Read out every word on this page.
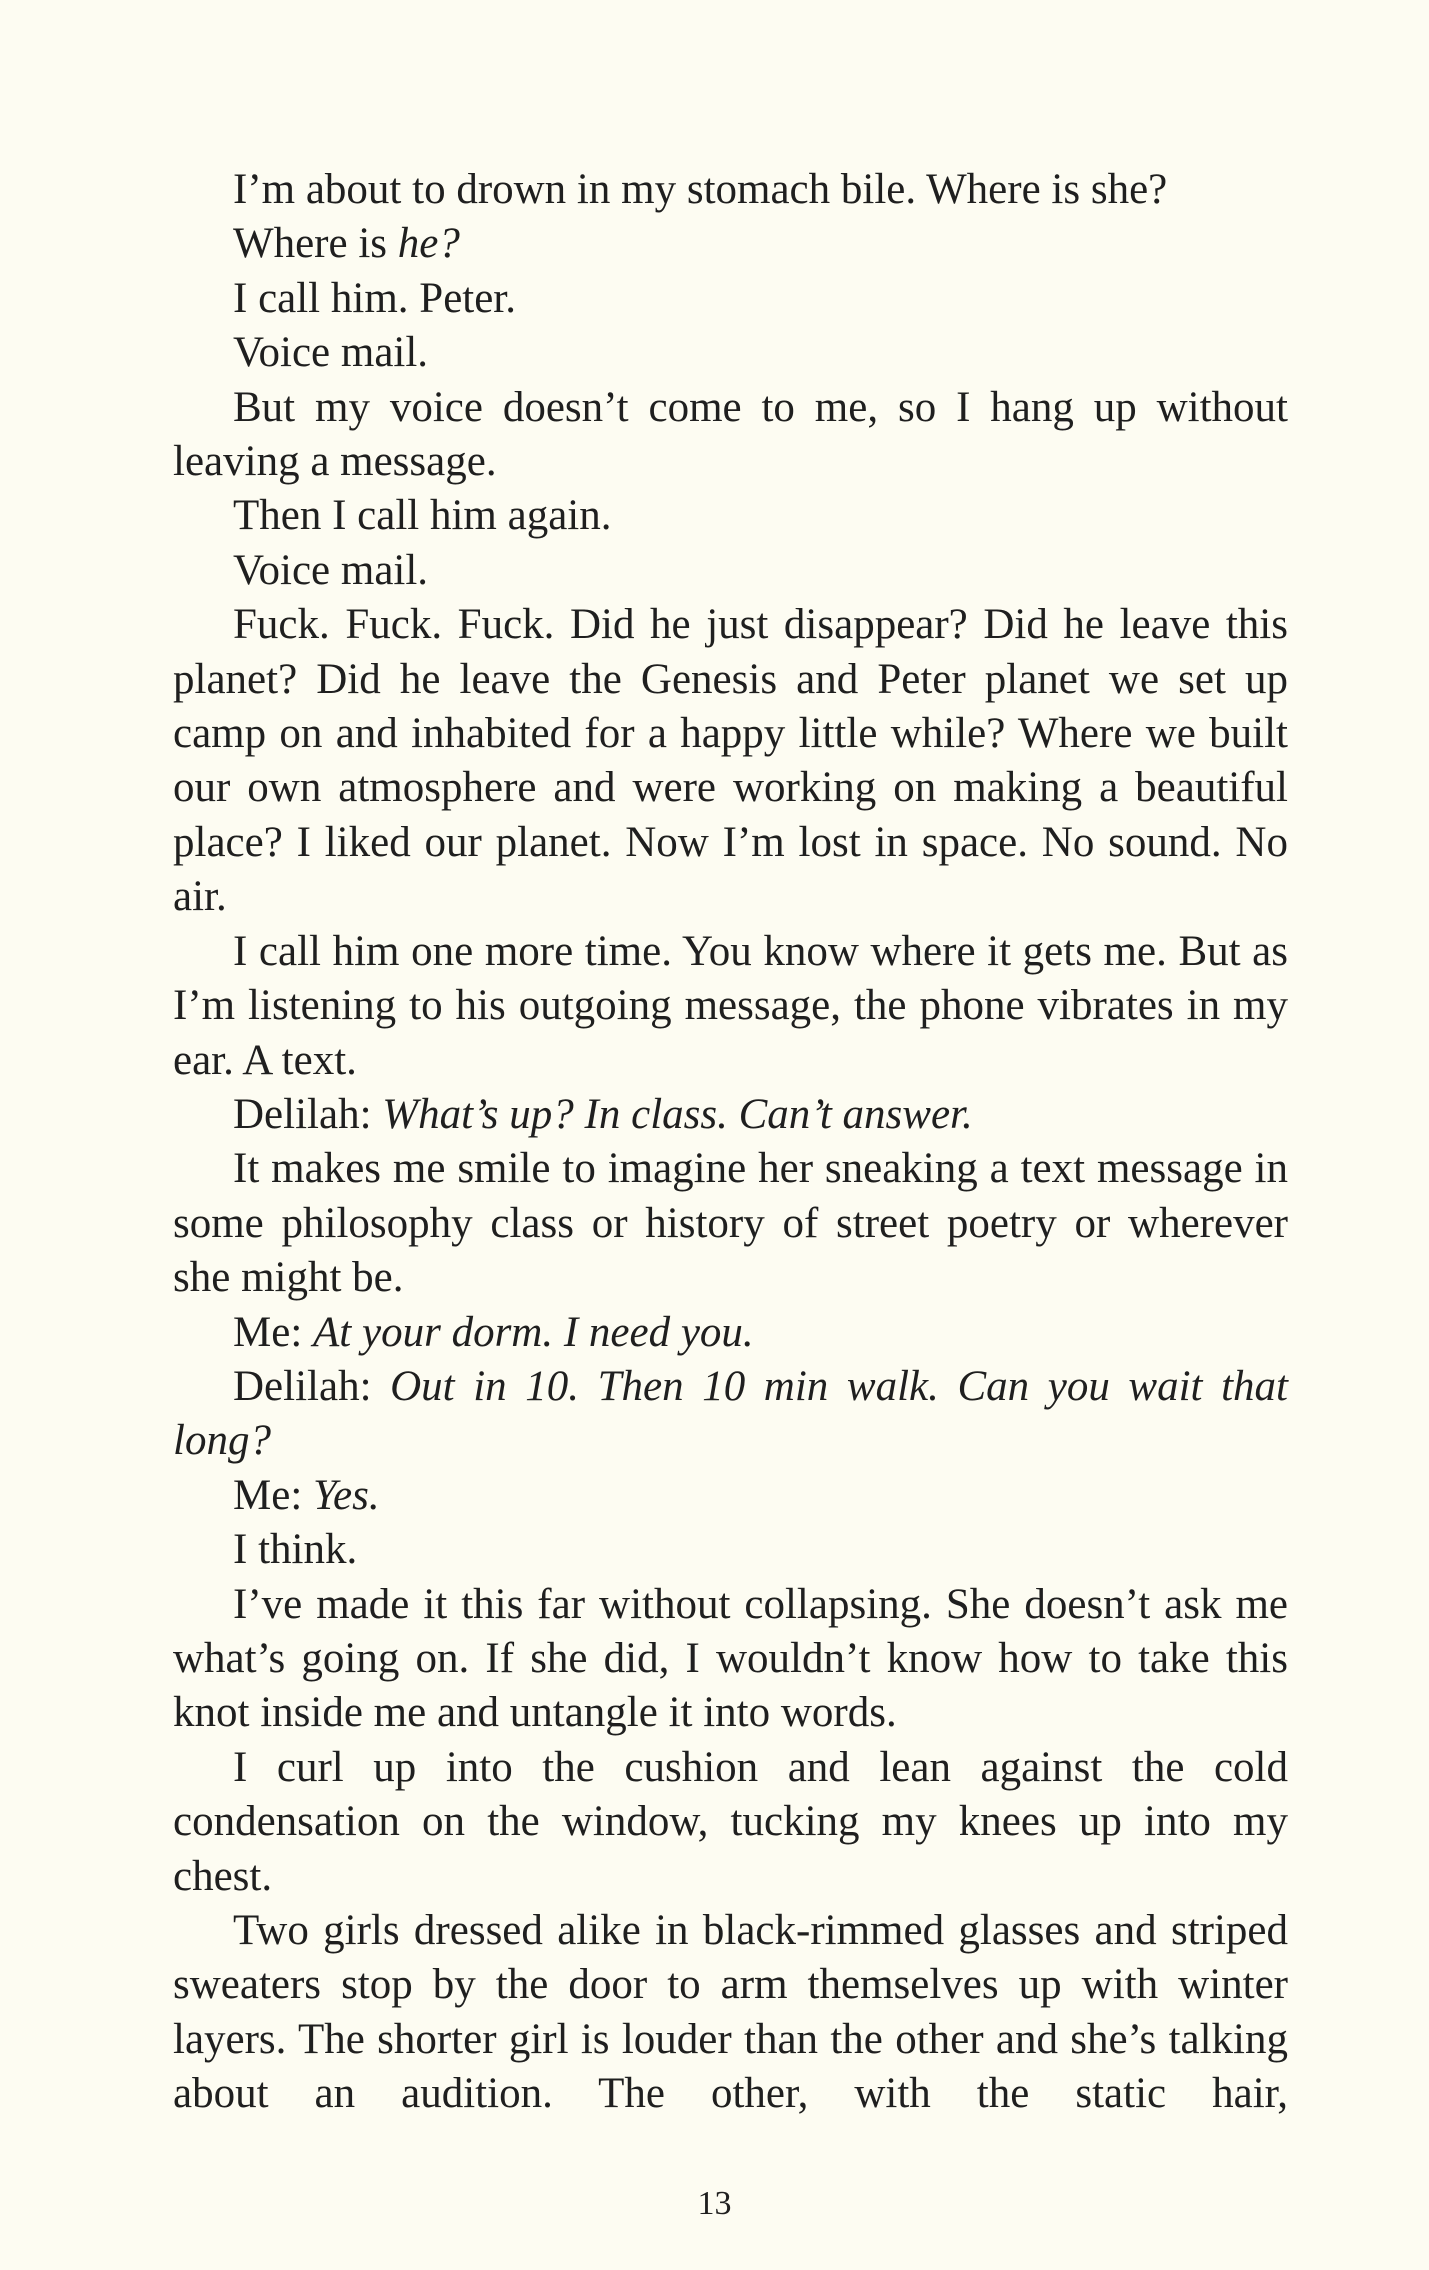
I’m about to drown in my stomach bile. Where is she?

Where is he?

I call him. Peter.

Voice mail.

But my voice doesn’t come to me, so I hang up without leaving a message.

Then I call him again.

Voice mail.

Fuck. Fuck. Fuck. Did he just disappear? Did he leave this planet? Did he leave the Genesis and Peter planet we set up camp on and inhabited for a happy little while? Where we built our own atmosphere and were working on making a beautiful place? I liked our planet. Now I’m lost in space. No sound. No air.

I call him one more time. You know where it gets me. But as I’m listening to his outgoing message, the phone vibrates in my ear. A text.

Delilah: What’s up? In class. Can’t answer.

It makes me smile to imagine her sneaking a text message in some philosophy class or history of street poetry or wherever she might be.

Me: At your dorm. I need you.

Delilah: Out in 10. Then 10 min walk. Can you wait that long?

Me: Yes.

I think.

I’ve made it this far without collapsing. She doesn’t ask me what’s going on. If she did, I wouldn’t know how to take this knot inside me and untangle it into words.

I curl up into the cushion and lean against the cold condensation on the window, tucking my knees up into my chest.

Two girls dressed alike in black-rimmed glasses and striped sweaters stop by the door to arm themselves up with winter layers. The shorter girl is louder than the other and she’s talking about an audition. The other, with the static hair,

13
